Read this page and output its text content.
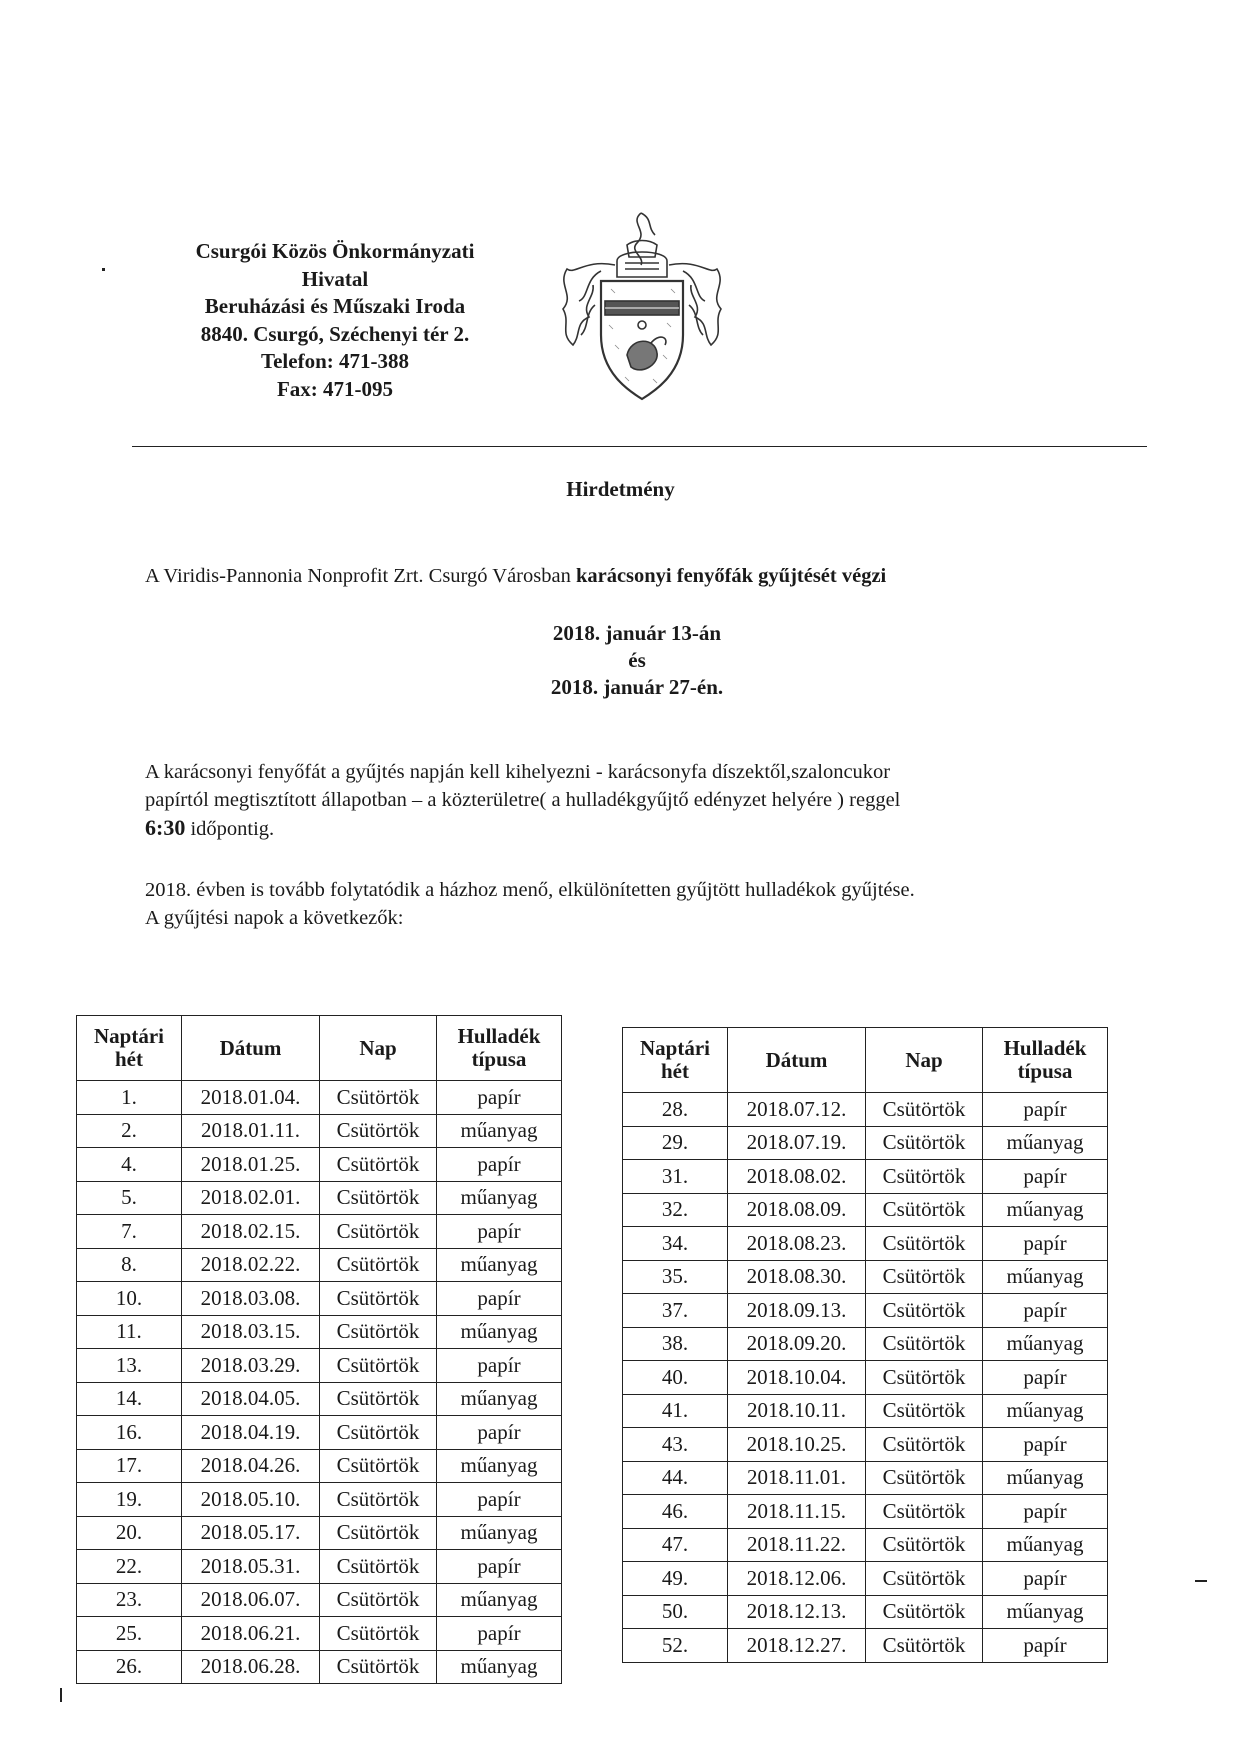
Csurgói Közös Önkormányzati
Hivatal
Beruházási és Műszaki Iroda
8840. Csurgó, Széchenyi tér 2.
Telefon: 471-388
Fax: 471-095
Hirdetmény
A Viridis-Pannonia Nonprofit Zrt. Csurgó Városban karácsonyi fenyőfák gyűjtését végzi
2018. január 13-án
és
2018. január 27-én.
A karácsonyi fenyőfát a gyűjtés napján kell kihelyezni - karácsonyfa díszektől,szaloncukor
papírtól megtisztított állapotban – a közterületre( a hulladékgyűjtő edényzet helyére ) reggel
6:30 időpontig.
2018. évben is tovább folytatódik a házhoz menő, elkülönítetten gyűjtött hulladékok gyűjtése.
A gyűjtési napok a következők:
Naptári
hét	Dátum	Nap	Hulladék
típusa
1.	2018.01.04.	Csütörtök	papír
2.	2018.01.11.	Csütörtök	műanyag
4.	2018.01.25.	Csütörtök	papír
5.	2018.02.01.	Csütörtök	műanyag
7.	2018.02.15.	Csütörtök	papír
8.	2018.02.22.	Csütörtök	műanyag
10.	2018.03.08.	Csütörtök	papír
11.	2018.03.15.	Csütörtök	műanyag
13.	2018.03.29.	Csütörtök	papír
14.	2018.04.05.	Csütörtök	műanyag
16.	2018.04.19.	Csütörtök	papír
17.	2018.04.26.	Csütörtök	műanyag
19.	2018.05.10.	Csütörtök	papír
20.	2018.05.17.	Csütörtök	műanyag
22.	2018.05.31.	Csütörtök	papír
23.	2018.06.07.	Csütörtök	műanyag
25.	2018.06.21.	Csütörtök	papír
26.	2018.06.28.	Csütörtök	műanyag
Naptári
hét	Dátum	Nap	Hulladék
típusa
28.	2018.07.12.	Csütörtök	papír
29.	2018.07.19.	Csütörtök	műanyag
31.	2018.08.02.	Csütörtök	papír
32.	2018.08.09.	Csütörtök	műanyag
34.	2018.08.23.	Csütörtök	papír
35.	2018.08.30.	Csütörtök	műanyag
37.	2018.09.13.	Csütörtök	papír
38.	2018.09.20.	Csütörtök	műanyag
40.	2018.10.04.	Csütörtök	papír
41.	2018.10.11.	Csütörtök	műanyag
43.	2018.10.25.	Csütörtök	papír
44.	2018.11.01.	Csütörtök	műanyag
46.	2018.11.15.	Csütörtök	papír
47.	2018.11.22.	Csütörtök	műanyag
49.	2018.12.06.	Csütörtök	papír
50.	2018.12.13.	Csütörtök	műanyag
52.	2018.12.27.	Csütörtök	papír
